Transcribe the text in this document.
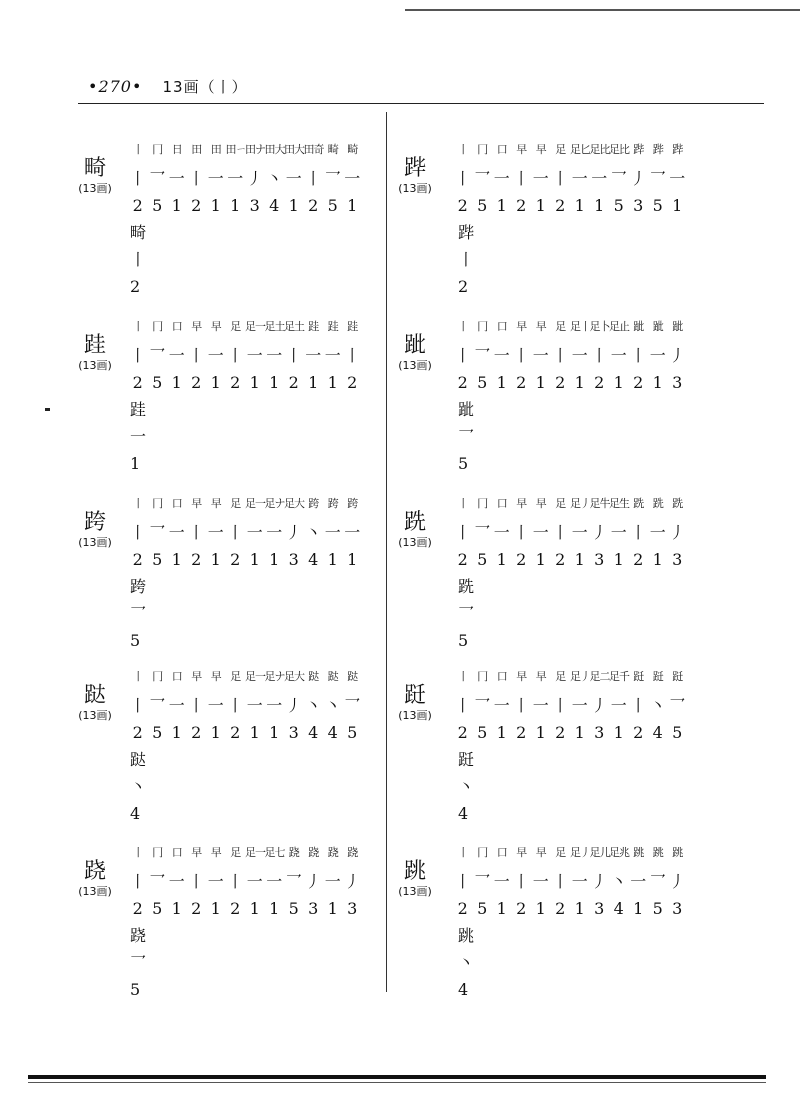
•270• 13画（丨）
畸
(13画)
丨 冂 日 田 田 田ㄧ 田ナ 田大 田大 田奇 畸 畸
丨 乛 一 丨 一 一 丿 丶 一 丨 乛 一
2 5 1 2 1 1 3 4 1 2 5 1
畸
丨
2
跬
(13画)
丨 冂 口 早 早 足 足一 足土 足土 跬 跬 跬
丨 乛 一 丨 一 丨 一 一 丨 一 一 丨
2 5 1 2 1 2 1 1 2 1 1 2
跬
一
1
跨
(13画)
丨 冂 口 早 早 足 足一 足ナ 足大 跨 跨 跨
丨 乛 一 丨 一 丨 一 一 丿 丶 一 一
2 5 1 2 1 2 1 1 3 4 1 1
跨
乛
5
跶
(13画)
丨 冂 口 早 早 足 足一 足ナ 足大 跶 跶 跶
丨 乛 一 丨 一 丨 一 一 丿 丶 丶 乛
2 5 1 2 1 2 1 1 3 4 4 5
跶
丶
4
跷
(13画)
丨 冂 口 早 早 足 足一 足七 跷 跷 跷 跷
丨 乛 一 丨 一 丨 一 一 乛 丿 一 丿
2 5 1 2 1 2 1 1 5 3 1 3
跷
乛
5
跸
(13画)
丨 冂 口 早 早 足 足匕 足比 足比 跸 跸 跸
丨 乛 一 丨 一 丨 一 一 乛 丿 乛 一
2 5 1 2 1 2 1 1 5 3 5 1
跸
丨
2
跐
(13画)
丨 冂 口 早 早 足 足丨 足卜 足止 跐 跐 跐
丨 乛 一 丨 一 丨 一 丨 一 丨 一 丿
2 5 1 2 1 2 1 2 1 2 1 3
跐
乛
5
跣
(13画)
丨 冂 口 早 早 足 足丿 足牛 足生 跣 跣 跣
丨 乛 一 丨 一 丨 一 丿 一 丨 一 丿
2 5 1 2 1 2 1 3 1 2 1 3
跣
乛
5
跹
(13画)
丨 冂 口 早 早 足 足丿 足二 足千 跹 跹 跹
丨 乛 一 丨 一 丨 一 丿 一 丨 丶 乛
2 5 1 2 1 2 1 3 1 2 4 5
跹
丶
4
跳
(13画)
丨 冂 口 早 早 足 足丿 足儿 足兆 跳 跳 跳
丨 乛 一 丨 一 丨 一 丿 丶 一 乛 丿
2 5 1 2 1 2 1 3 4 1 5 3
跳
丶
4
